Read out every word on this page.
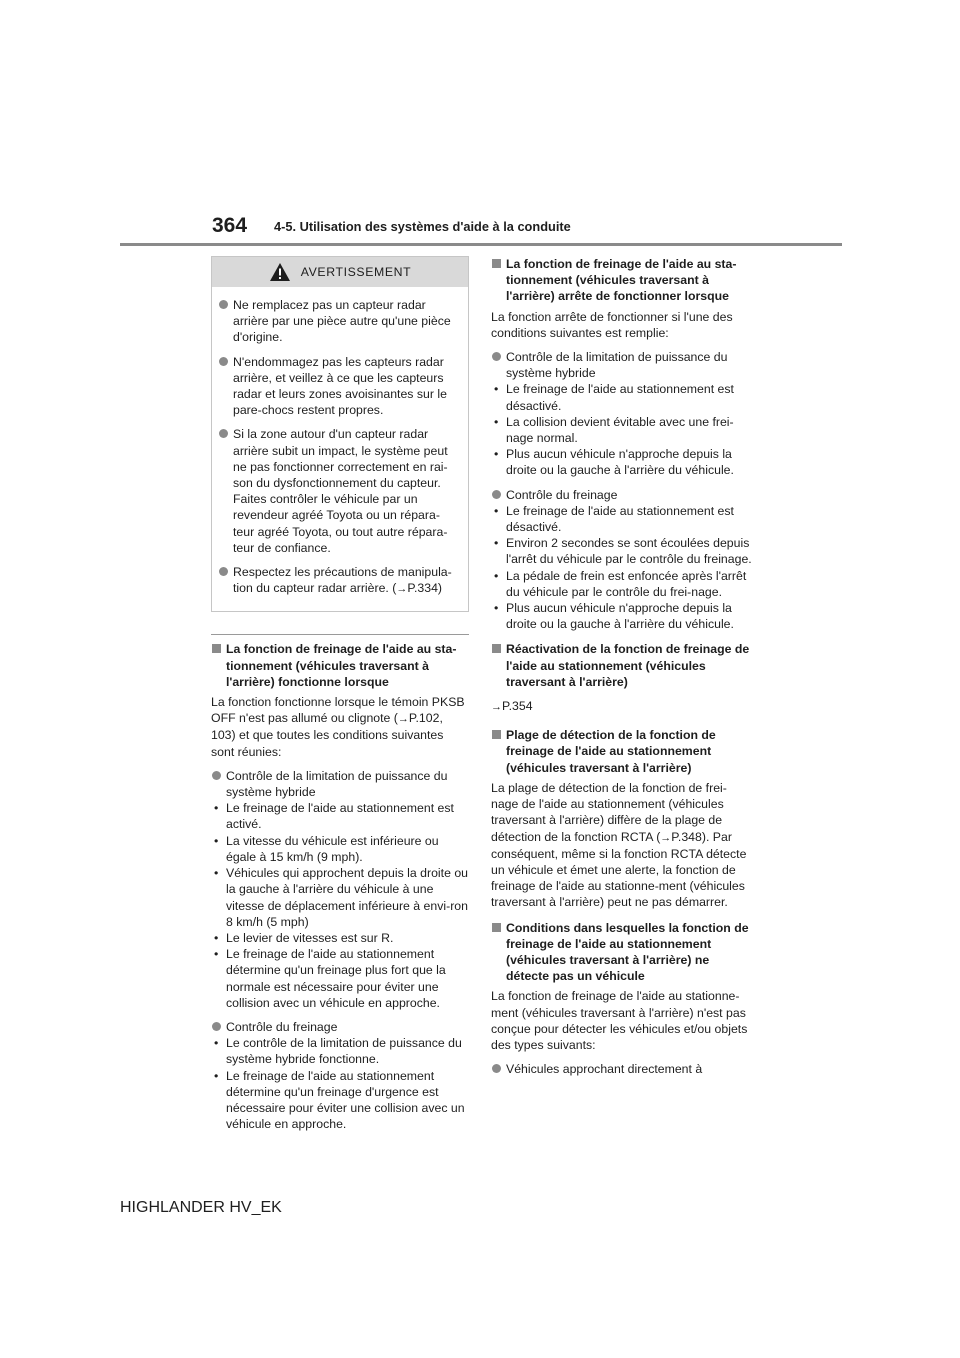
364 4-5. Utilisation des systèmes d'aide à la conduite
AVERTISSEMENT
Ne remplacez pas un capteur radar arrière par une pièce autre qu'une pièce d'origine.
N'endommagez pas les capteurs radar arrière, et veillez à ce que les capteurs radar et leurs zones avoisinantes sur le pare-chocs restent propres.
Si la zone autour d'un capteur radar arrière subit un impact, le système peut ne pas fonctionner correctement en rai-son du dysfonctionnement du capteur. Faites contrôler le véhicule par un revendeur agréé Toyota ou un répara-teur agréé Toyota, ou tout autre répara-teur de confiance.
Respectez les précautions de manipula-tion du capteur radar arrière. (→P.334)
La fonction de freinage de l'aide au sta-tionnement (véhicules traversant à l'arrière) fonctionne lorsque
La fonction fonctionne lorsque le témoin PKSB OFF n'est pas allumé ou clignote (→P.102, 103) et que toutes les conditions suivantes sont réunies:
Contrôle de la limitation de puissance du système hybride
• Le freinage de l'aide au stationnement est activé.
• La vitesse du véhicule est inférieure ou égale à 15 km/h (9 mph).
• Véhicules qui approchent depuis la droite ou la gauche à l'arrière du véhicule à une vitesse de déplacement inférieure à envi-ron 8 km/h (5 mph)
• Le levier de vitesses est sur R.
• Le freinage de l'aide au stationnement détermine qu'un freinage plus fort que la normale est nécessaire pour éviter une collision avec un véhicule en approche.
Contrôle du freinage
• Le contrôle de la limitation de puissance du système hybride fonctionne.
• Le freinage de l'aide au stationnement détermine qu'un freinage d'urgence est nécessaire pour éviter une collision avec un véhicule en approche.
La fonction de freinage de l'aide au sta-tionnement (véhicules traversant à l'arrière) arrête de fonctionner lorsque
La fonction arrête de fonctionner si l'une des conditions suivantes est remplie:
Contrôle de la limitation de puissance du système hybride
• Le freinage de l'aide au stationnement est désactivé.
• La collision devient évitable avec une frei-nage normal.
• Plus aucun véhicule n'approche depuis la droite ou la gauche à l'arrière du véhicule.
Contrôle du freinage
• Le freinage de l'aide au stationnement est désactivé.
• Environ 2 secondes se sont écoulées depuis l'arrêt du véhicule par le contrôle du freinage.
• La pédale de frein est enfoncée après l'arrêt du véhicule par le contrôle du frei-nage.
• Plus aucun véhicule n'approche depuis la droite ou la gauche à l'arrière du véhicule.
Réactivation de la fonction de freinage de l'aide au stationnement (véhicules traversant à l'arrière)
→P.354
Plage de détection de la fonction de freinage de l'aide au stationnement (véhicules traversant à l'arrière)
La plage de détection de la fonction de frei-nage de l'aide au stationnement (véhicules traversant à l'arrière) diffère de la plage de détection de la fonction RCTA (→P.348). Par conséquent, même si la fonction RCTA détecte un véhicule et émet une alerte, la fonction de freinage de l'aide au stationne-ment (véhicules traversant à l'arrière) peut ne pas démarrer.
Conditions dans lesquelles la fonction de freinage de l'aide au stationnement (véhicules traversant à l'arrière) ne détecte pas un véhicule
La fonction de freinage de l'aide au stationne-ment (véhicules traversant à l'arrière) n'est pas conçue pour détecter les véhicules et/ou objets des types suivants:
Véhicules approchant directement à
HIGHLANDER HV_EK
